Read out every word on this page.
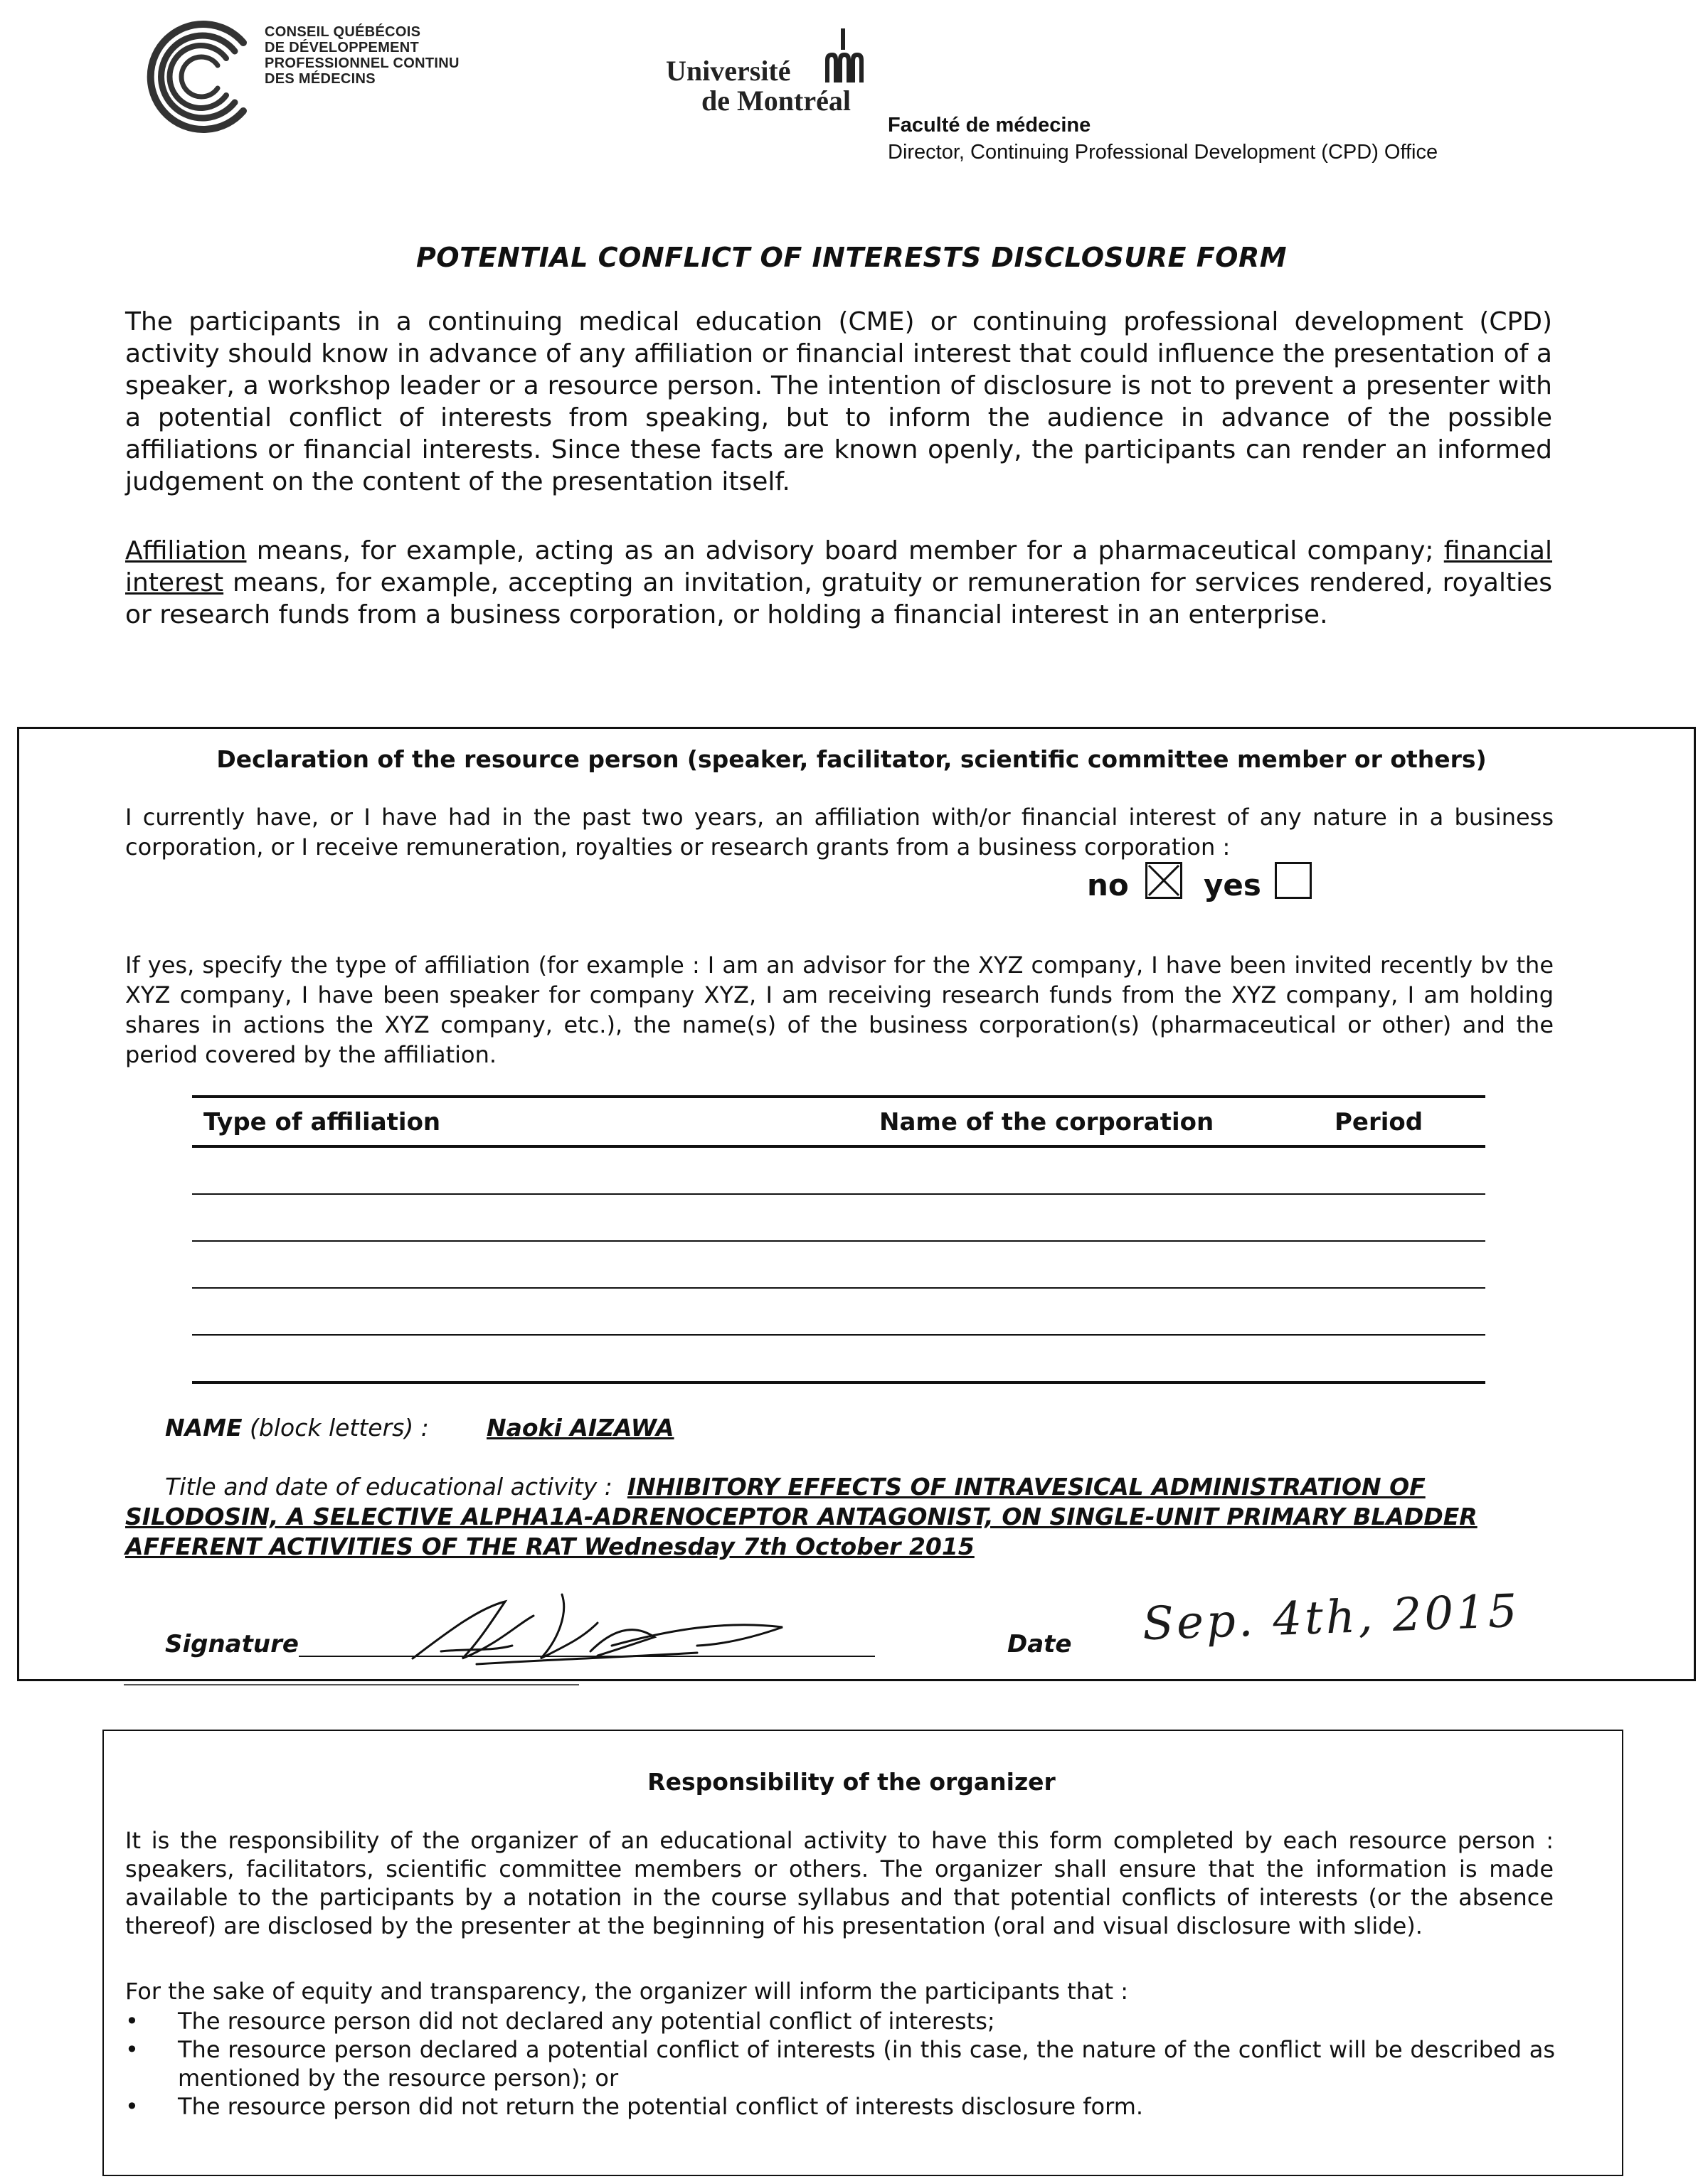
CONSEIL QUÉBÉCOIS
DE DÉVELOPPEMENT
PROFESSIONNEL CONTINU
DES MÉDECINS	Université
de Montréal
Faculté de médecine
Director, Continuing Professional Development (CPD) Office
POTENTIAL CONFLICT OF INTERESTS DISCLOSURE FORM
The participants in a continuing medical education (CME) or continuing professional development (CPD) activity should know in advance of any affiliation or financial interest that could influence the presentation of a speaker, a workshop leader or a resource person. The intention of disclosure is not to prevent a presenter with a potential conflict of interests from speaking, but to inform the audience in advance of the possible affiliations or financial interests. Since these facts are known openly, the participants can render an informed judgement on the content of the presentation itself.
Affiliation means, for example, acting as an advisory board member for a pharmaceutical company; financial interest means, for example, accepting an invitation, gratuity or remuneration for services rendered, royalties or research funds from a business corporation, or holding a financial interest in an enterprise.
Declaration of the resource person (speaker, facilitator, scientific committee member or others)
I currently have, or I have had in the past two years, an affiliation with/or financial interest of any nature in a business corporation, or I receive remuneration, royalties or research grants from a business corporation :
no	yes
If yes, specify the type of affiliation (for example : I am an advisor for the XYZ company, I have been invited recently bv the XYZ company, I have been speaker for company XYZ, I am receiving research funds from the XYZ company, I am holding shares in actions the XYZ company, etc.), the name(s) of the business corporation(s) (pharmaceutical or other) and the period covered by the affiliation.
Type of affiliation	Name of the corporation	Period
NAME (block letters) : Naoki AIZAWA
Title and date of educational activity : INHIBITORY EFFECTS OF INTRAVESICAL ADMINISTRATION OF SILODOSIN, A SELECTIVE ALPHA1A-ADRENOCEPTOR ANTAGONIST, ON SINGLE-UNIT PRIMARY BLADDER AFFERENT ACTIVITIES OF THE RAT Wednesday 7th October 2015
Signature	Date Sep. 4th, 2015
Responsibility of the organizer
It is the responsibility of the organizer of an educational activity to have this form completed by each resource person : speakers, facilitators, scientific committee members or others. The organizer shall ensure that the information is made available to the participants by a notation in the course syllabus and that potential conflicts of interests (or the absence thereof) are disclosed by the presenter at the beginning of his presentation (oral and visual disclosure with slide).
For the sake of equity and transparency, the organizer will inform the participants that :
• The resource person did not declared any potential conflict of interests;
• The resource person declared a potential conflict of interests (in this case, the nature of the conflict will be described as mentioned by the resource person); or
• The resource person did not return the potential conflict of interests disclosure form.
